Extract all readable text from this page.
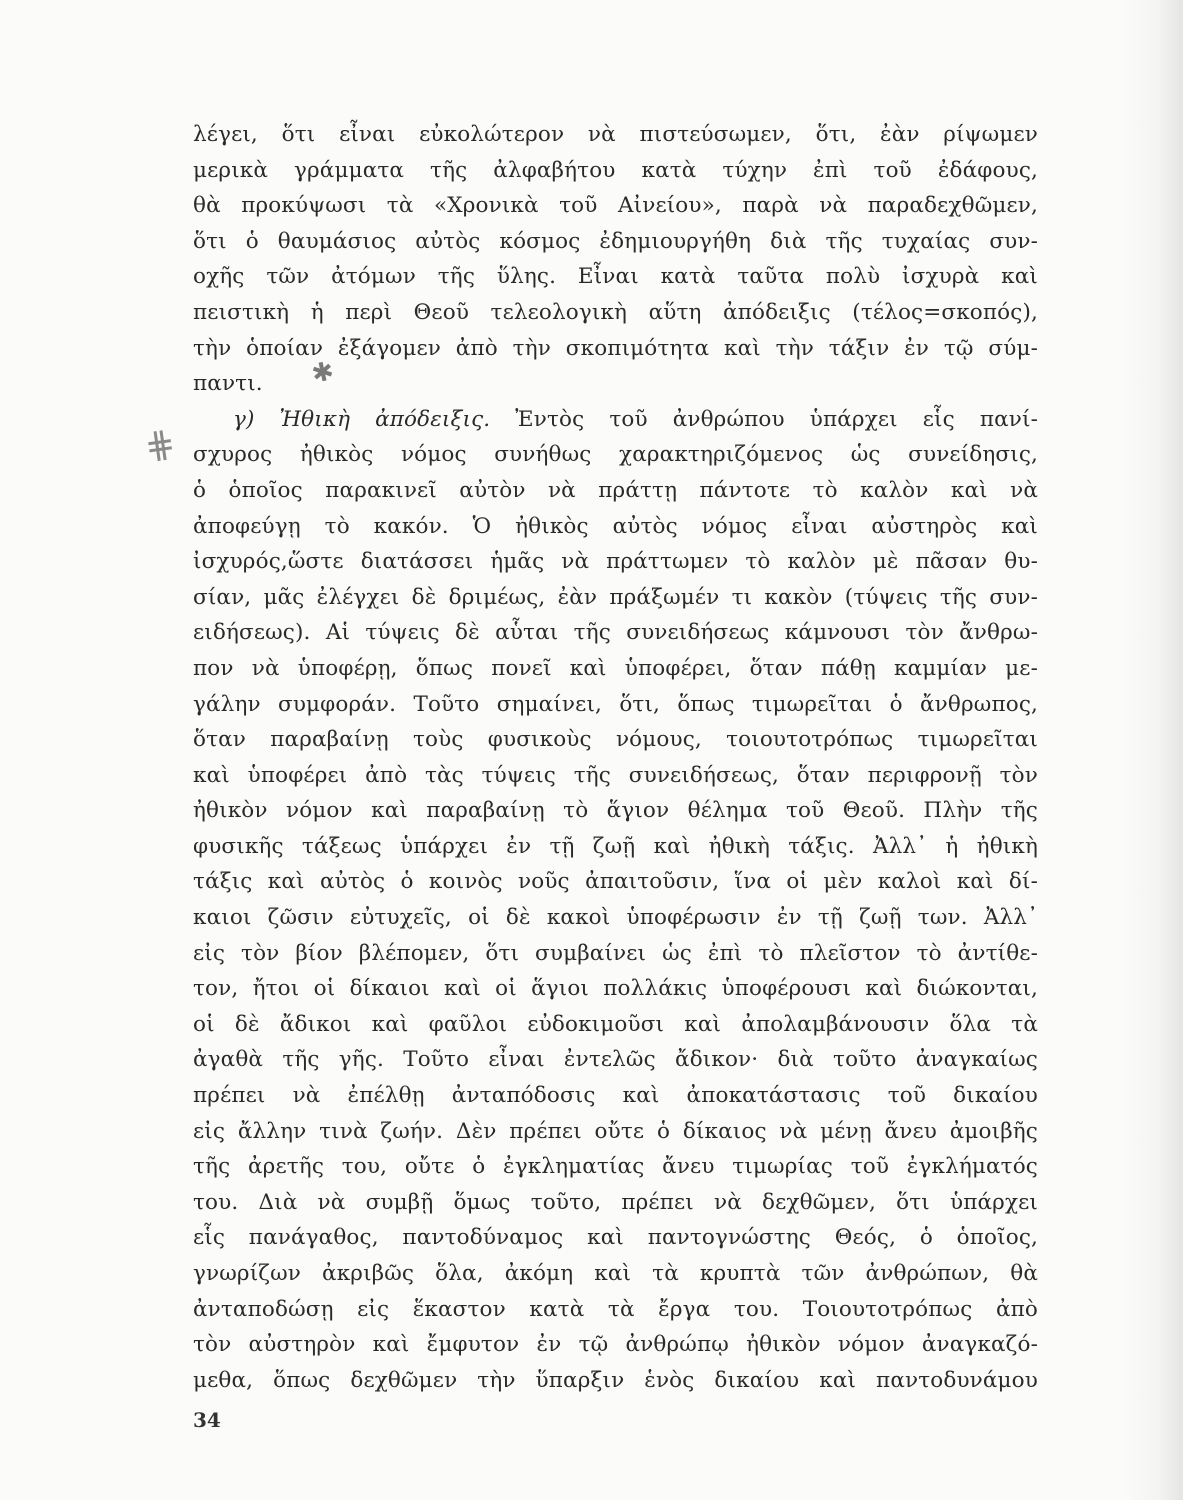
λέγει, ὅτι εἶναι εὐκολώτερον νὰ πιστεύσωμεν, ὅτι, ἐὰν ρίψωμεν
μερικὰ γράμματα τῆς ἀλφαβήτου κατὰ τύχην ἐπὶ τοῦ ἐδάφους,
θὰ προκύψωσι τὰ «Χρονικὰ τοῦ Αἰνείου», παρὰ νὰ παραδεχθῶμεν,
ὅτι ὁ θαυμάσιος αὐτὸς κόσμος ἐδημιουργήθη διὰ τῆς τυχαίας συν-
οχῆς τῶν ἀτόμων τῆς ὕλης. Εἶναι κατὰ ταῦτα πολὺ ἰσχυρὰ καὶ
πειστικὴ ἡ περὶ Θεοῦ τελεολογικὴ αὕτη ἀπόδειξις (τέλος=σκοπός),
τὴν ὁποίαν ἐξάγομεν ἀπὸ τὴν σκοπιμότητα καὶ τὴν τάξιν ἐν τῷ σύμ-
παντι.
γ) Ἠθικὴ ἀπόδειξις. Ἐντὸς τοῦ ἀνθρώπου ὑπάρχει εἷς πανί-
σχυρος ἠθικὸς νόμος συνήθως χαρακτηριζόμενος ὡς συνείδησις,
ὁ ὁποῖος παρακινεῖ αὐτὸν νὰ πράττῃ πάντοτε τὸ καλὸν καὶ νὰ
ἀποφεύγῃ τὸ κακόν. Ὁ ἠθικὸς αὐτὸς νόμος εἶναι αὐστηρὸς καὶ
ἰσχυρός,ὥστε διατάσσει ἡμᾶς νὰ πράττωμεν τὸ καλὸν μὲ πᾶσαν θυ-
σίαν, μᾶς ἐλέγχει δὲ δριμέως, ἐὰν πράξωμέν τι κακὸν (τύψεις τῆς συν-
ειδήσεως). Αἱ τύψεις δὲ αὗται τῆς συνειδήσεως κάμνουσι τὸν ἄνθρω-
πον νὰ ὑποφέρῃ, ὅπως πονεῖ καὶ ὑποφέρει, ὅταν πάθῃ καμμίαν με-
γάλην συμφοράν. Τοῦτο σημαίνει, ὅτι, ὅπως τιμωρεῖται ὁ ἄνθρωπος,
ὅταν παραβαίνῃ τοὺς φυσικοὺς νόμους, τοιουτοτρόπως τιμωρεῖται
καὶ ὑποφέρει ἀπὸ τὰς τύψεις τῆς συνειδήσεως, ὅταν περιφρονῇ τὸν
ἠθικὸν νόμον καὶ παραβαίνῃ τὸ ἅγιον θέλημα τοῦ Θεοῦ. Πλὴν τῆς
φυσικῆς τάξεως ὑπάρχει ἐν τῇ ζωῇ καὶ ἠθικὴ τάξις. Ἀλλ᾿ ἡ ἠθικὴ
τάξις καὶ αὐτὸς ὁ κοινὸς νοῦς ἀπαιτοῦσιν, ἵνα οἱ μὲν καλοὶ καὶ δί-
καιοι ζῶσιν εὐτυχεῖς, οἱ δὲ κακοὶ ὑποφέρωσιν ἐν τῇ ζωῇ των. Ἀλλ᾿
εἰς τὸν βίον βλέπομεν, ὅτι συμβαίνει ὡς ἐπὶ τὸ πλεῖστον τὸ ἀντίθε-
τον, ἤτοι οἱ δίκαιοι καὶ οἱ ἅγιοι πολλάκις ὑποφέρουσι καὶ διώκονται,
οἱ δὲ ἄδικοι καὶ φαῦλοι εὐδοκιμοῦσι καὶ ἀπολαμβάνουσιν ὅλα τὰ
ἀγαθὰ τῆς γῆς. Τοῦτο εἶναι ἐντελῶς ἄδικον· διὰ τοῦτο ἀναγκαίως
πρέπει νὰ ἐπέλθῃ ἀνταπόδοσις καὶ ἀποκατάστασις τοῦ δικαίου
εἰς ἄλλην τινὰ ζωήν. Δὲν πρέπει οὔτε ὁ δίκαιος νὰ μένῃ ἄνευ ἀμοιβῆς
τῆς ἀρετῆς του, οὔτε ὁ ἐγκληματίας ἄνευ τιμωρίας τοῦ ἐγκλήματός
του. Διὰ νὰ συμβῇ ὅμως τοῦτο, πρέπει νὰ δεχθῶμεν, ὅτι ὑπάρχει
εἷς πανάγαθος, παντοδύναμος καὶ παντογνώστης Θεός, ὁ ὁποῖος,
γνωρίζων ἀκριβῶς ὅλα, ἀκόμη καὶ τὰ κρυπτὰ τῶν ἀνθρώπων, θὰ
ἀνταποδώσῃ εἰς ἕκαστον κατὰ τὰ ἔργα του. Τοιουτοτρόπως ἀπὸ
τὸν αὐστηρὸν καὶ ἔμφυτον ἐν τῷ ἀνθρώπῳ ἠθικὸν νόμον ἀναγκαζό-
μεθα, ὅπως δεχθῶμεν τὴν ὕπαρξιν ἑνὸς δικαίου καὶ παντοδυνάμου
✱
⋕
34
